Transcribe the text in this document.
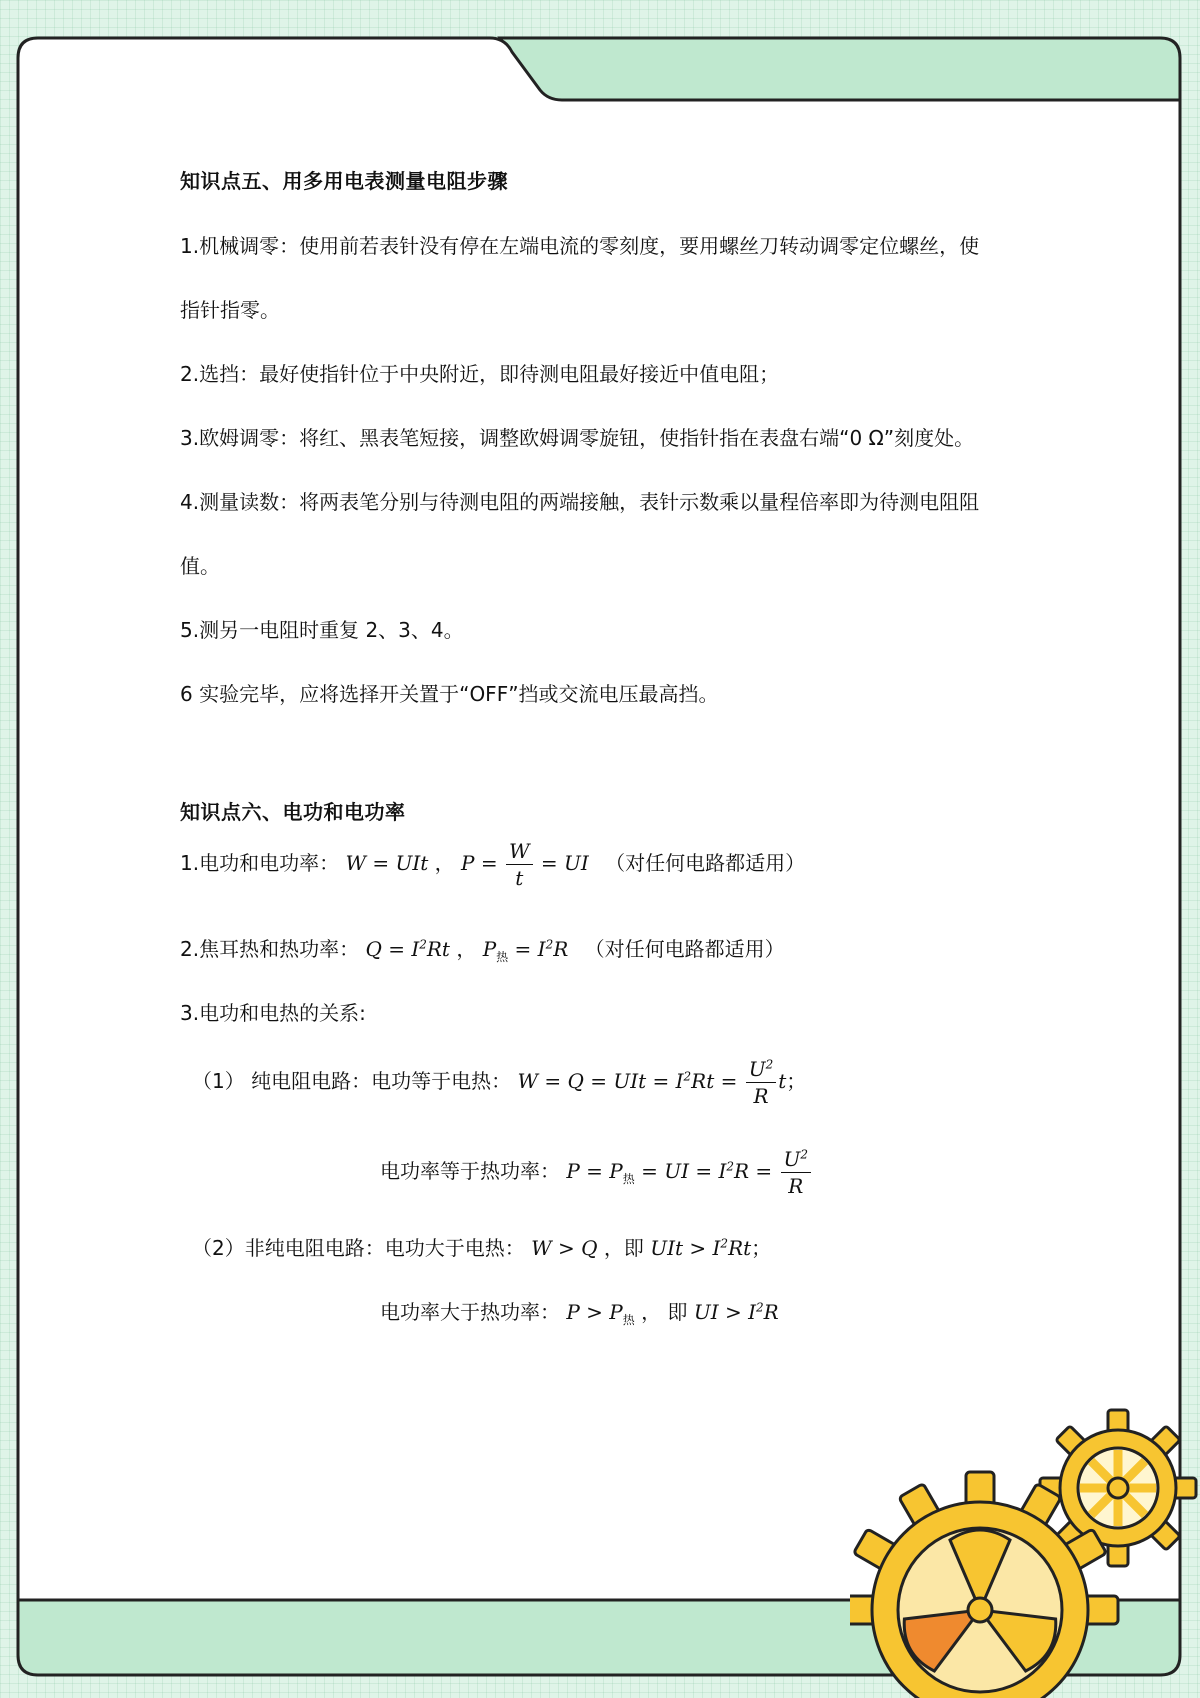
知识点五、用多用电表测量电阻步骤
1.机械调零：使用前若表针没有停在左端电流的零刻度，要用螺丝刀转动调零定位螺丝，使
指针指零。
2.选挡：最好使指针位于中央附近，即待测电阻最好接近中值电阻；
3.欧姆调零：将红、黑表笔短接，调整欧姆调零旋钮，使指针指在表盘右端“0 Ω”刻度处。
4.测量读数：将两表笔分别与待测电阻的两端接触，表针示数乘以量程倍率即为待测电阻阻
值。
5.测另一电阻时重复 2、3、4。
6 实验完毕，应将选择开关置于“OFF”挡或交流电压最高挡。
知识点六、电功和电功率
1.电功和电功率： W = UIt ， $P = \frac{W}{t}$ = UI （对任何电路都适用）
2.焦耳热和热功率： $Q = I^2Rt$ ， $P_热 = I^2R$ （对任何电路都适用）
3.电功和电热的关系:
（1） 纯电阻电路：电功等于电热： W = Q = UIt = $I^2Rt = \frac{U^2}{R}$ t；
电功率等于热功率： $P = P_热$ = UI = $I^2R = \frac{U^2}{R}$
（2）非纯电阻电路：电功大于电热： W > Q ，即 UIt > $I^2Rt$；
电功率大于热功率： $P > P_热$ ， 即 UI > $I^2R$
